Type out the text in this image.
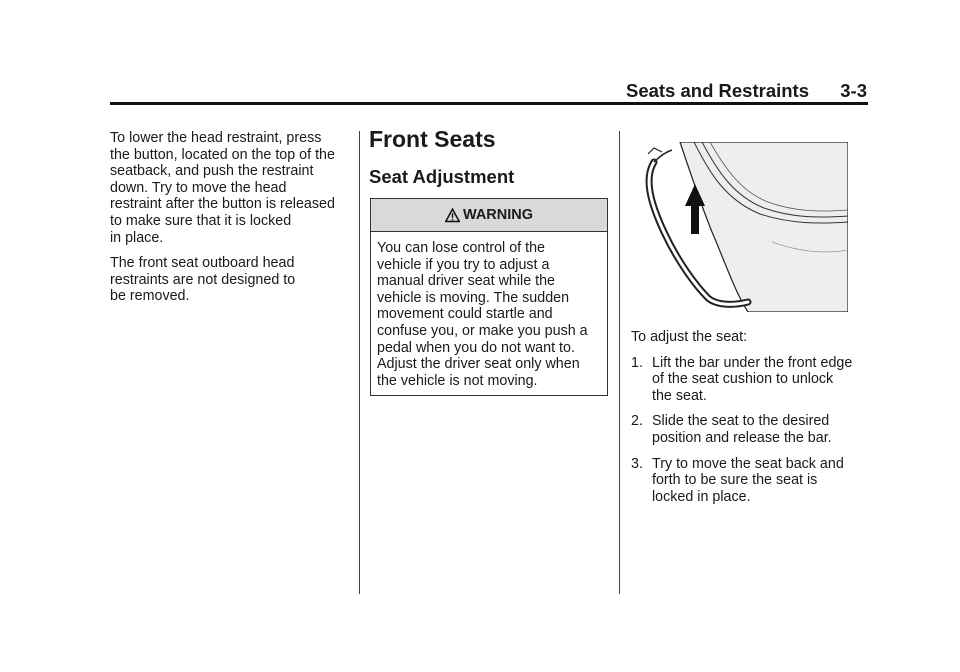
Seats and Restraints 3-3

To lower the head restraint, press
the button, located on the top of the
seatback, and push the restraint
down. Try to move the head
restraint after the button is released
to make sure that it is locked
in place.

The front seat outboard head
restraints are not designed to
be removed.

Front Seats
Seat Adjustment
WARNING
You can lose control of the
vehicle if you try to adjust a
manual driver seat while the
vehicle is moving. The sudden
movement could startle and
confuse you, or make you push a
pedal when you do not want to.
Adjust the driver seat only when
the vehicle is not moving.

To adjust the seat:

1. Lift the bar under the front edge
of the seat cushion to unlock
the seat.
2. Slide the seat to the desired
position and release the bar.
3. Try to move the seat back and
forth to be sure the seat is
locked in place.
